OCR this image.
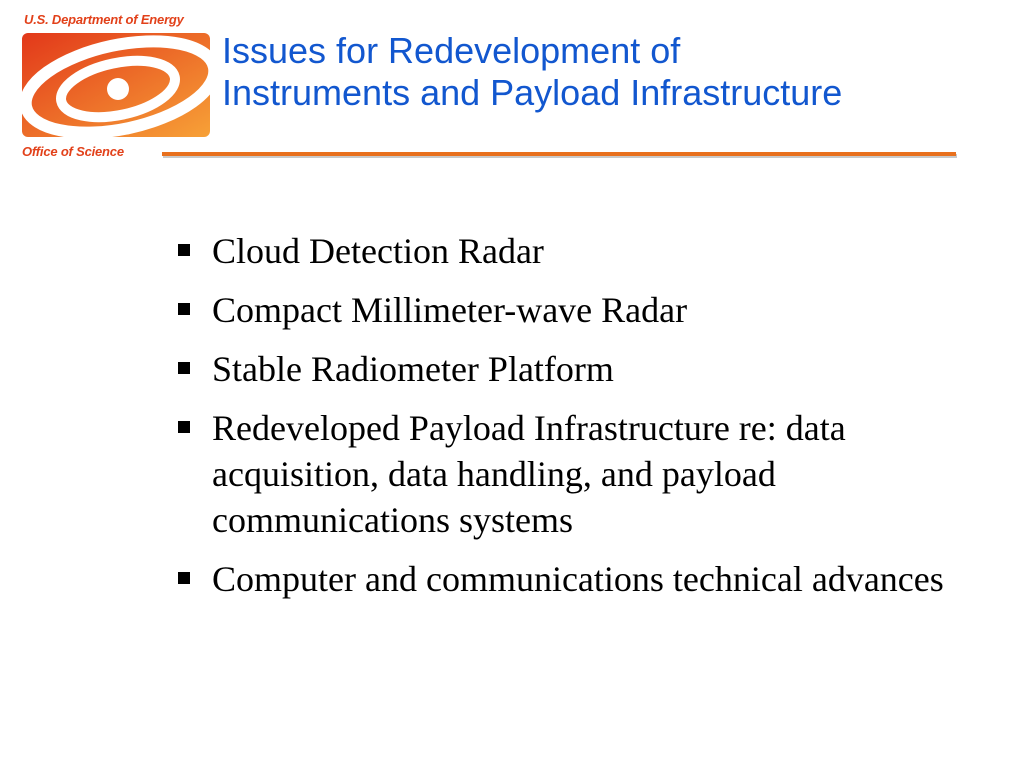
U.S. Department of Energy
Office of Science
Issues for Redevelopment of
Instruments and Payload Infrastructure
Cloud Detection Radar
Compact Millimeter-wave Radar
Stable Radiometer Platform
Redeveloped Payload Infrastructure re: data acquisition, data handling, and payload communications systems
Computer and communications technical advances
